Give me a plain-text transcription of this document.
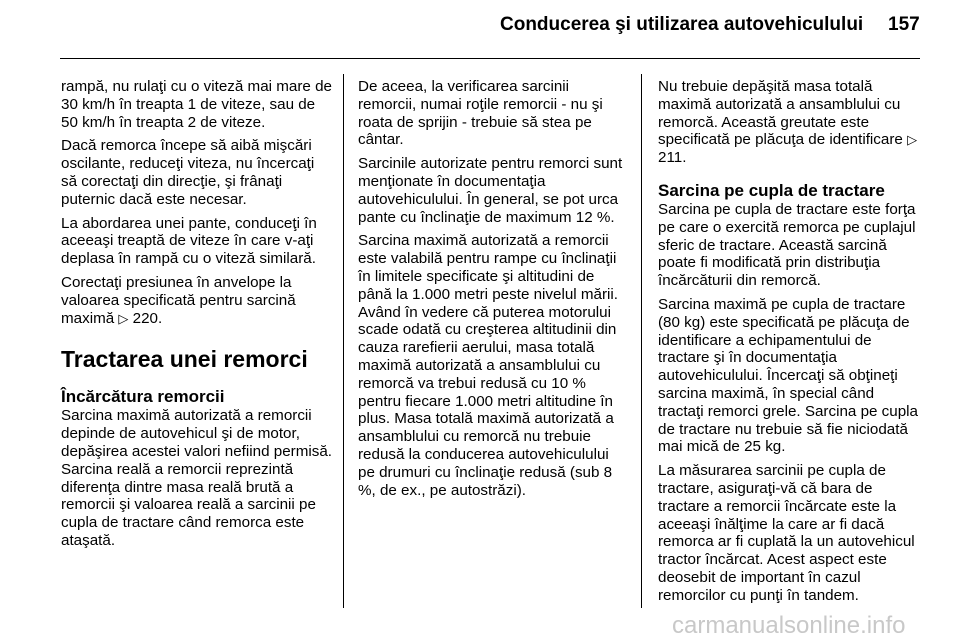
Conducerea şi utilizarea autovehiculului 157

rampă, nu rulaţi cu o viteză mai mare de 30 km/h în treapta 1 de viteze, sau de 50 km/h în treapta 2 de viteze.

Dacă remorca începe să aibă mişcări oscilante, reduceţi viteza, nu încercaţi să corectaţi din direcţie, şi frânaţi puternic dacă este necesar.

La abordarea unei pante, conduceţi în aceeaşi treaptă de viteze în care v-aţi deplasa în rampă cu o viteză similară.

Corectaţi presiunea în anvelope la valoarea specificată pentru sarcină maximă ▷ 220.

Tractarea unei remorci
Încărcătura remorcii

Sarcina maximă autorizată a remorcii depinde de autovehicul şi de motor, depăşirea acestei valori nefiind permisă. Sarcina reală a remorcii reprezintă diferenţa dintre masa reală brută a remorcii şi valoarea reală a sarcinii pe cupla de tractare când remorca este ataşată.

De aceea, la verificarea sarcinii remorcii, numai roţile remorcii - nu şi roata de sprijin - trebuie să stea pe cântar.

Sarcinile autorizate pentru remorci sunt menţionate în documentaţia autovehiculului. În general, se pot urca pante cu înclinaţie de maximum 12 %.

Sarcina maximă autorizată a remorcii este valabilă pentru rampe cu înclinaţii în limitele specificate şi altitudini de până la 1.000 metri peste nivelul mării. Având în vedere că puterea motorului scade odată cu creşterea altitudinii din cauza rarefierii aerului, masa totală maximă autorizată a ansamblului cu remorcă va trebui redusă cu 10 % pentru fiecare 1.000 metri altitudine în plus. Masa totală maximă autorizată a ansamblului cu remorcă nu trebuie redusă la conducerea autovehiculului pe drumuri cu înclinaţie redusă (sub 8 %, de ex., pe autostrăzi).

Nu trebuie depăşită masa totală maximă autorizată a ansamblului cu remorcă. Această greutate este specificată pe plăcuţa de identificare ▷ 211.

Sarcina pe cupla de tractare

Sarcina pe cupla de tractare este forţa pe care o exercită remorca pe cuplajul sferic de tractare. Această sarcină poate fi modificată prin distribuţia încărcăturii din remorcă.

Sarcina maximă pe cupla de tractare (80 kg) este specificată pe plăcuţa de identificare a echipamentului de tractare şi în documentaţia autovehiculului. Încercaţi să obţineţi sarcina maximă, în special când tractaţi remorci grele. Sarcina pe cupla de tractare nu trebuie să fie niciodată mai mică de 25 kg.

La măsurarea sarcinii pe cupla de tractare, asiguraţi-vă că bara de tractare a remorcii încărcate este la aceeaşi înălţime la care ar fi dacă remorca ar fi cuplată la un autovehicul tractor încărcat. Acest aspect este deosebit de important în cazul remorcilor cu punţi în tandem.

carmanualsonline.info
